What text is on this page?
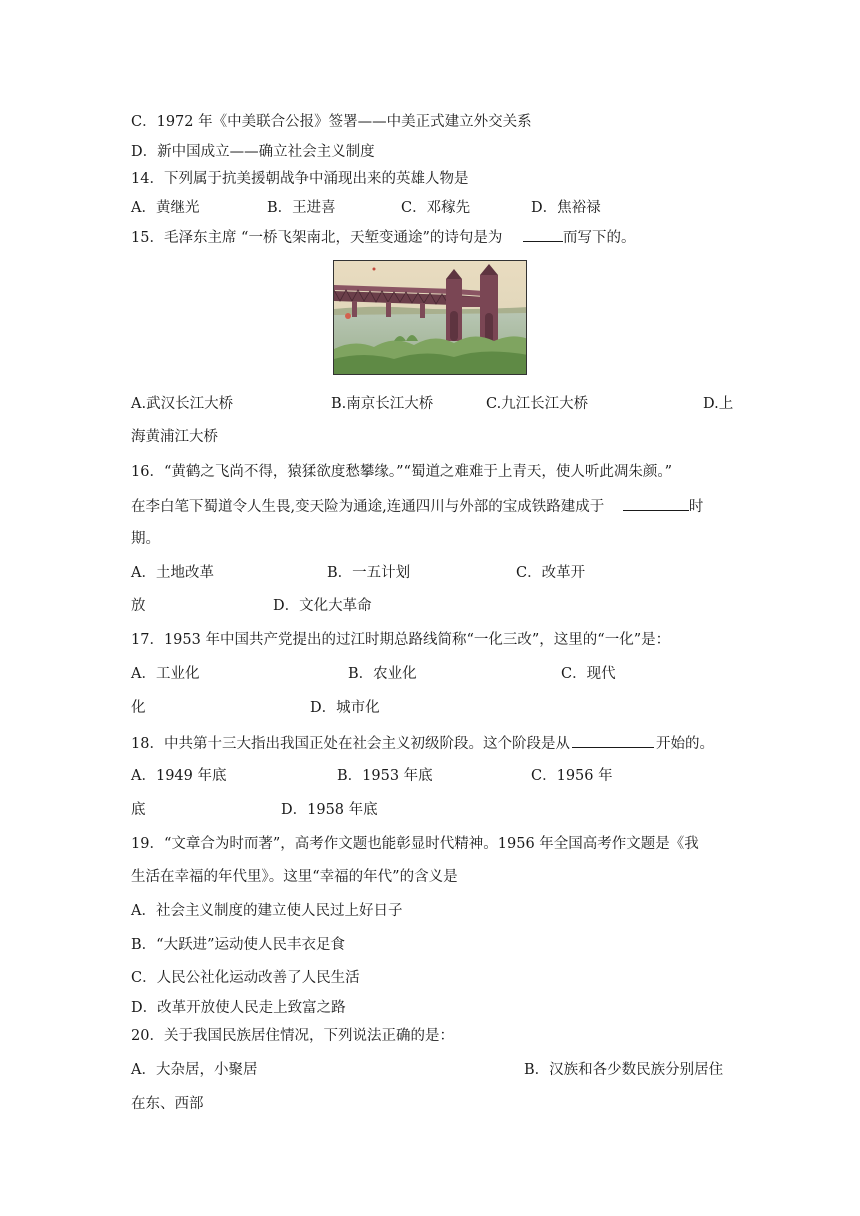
C．1972 年《中美联合公报》签署——中美正式建立外交关系
D．新中国成立——确立社会主义制度
14．下列属于抗美援朝战争中涌现出来的英雄人物是
A．黄继光	B．王进喜	C．邓稼先	D．焦裕禄
15．毛泽东主席 “一桥飞架南北，天堑变通途”的诗句是为	而写下的。
A.武汉长江大桥	B.南京长江大桥	C.九江长江大桥	D.上
海黄浦江大桥
16．“黄鹤之飞尚不得，猿猱欲度愁攀缘。”“蜀道之难难于上青天，使人听此凋朱颜。”
在李白笔下蜀道令人生畏,变天险为通途,连通四川与外部的宝成铁路建成于	时
期。
A．土地改革	B．一五计划	C．改革开
放	D．文化大革命
17．1953 年中国共产党提出的过江时期总路线简称“一化三改”，这里的“一化”是：
A．工业化	B．农业化	C．现代
化	D．城市化
18．中共第十三大指出我国正处在社会主义初级阶段。这个阶段是从	开始的。
A．1949 年底	B．1953 年底	C．1956 年
底	D．1958 年底
19．“文章合为时而著”，高考作文题也能彰显时代精神。1956 年全国高考作文题是《我
生活在幸福的年代里》。这里“幸福的年代”的含义是
A．社会主义制度的建立使人民过上好日子
B．“大跃进”运动使人民丰衣足食
C．人民公社化运动改善了人民生活
D．改革开放使人民走上致富之路
20．关于我国民族居住情况，下列说法正确的是：
A．大杂居，小聚居	B．汉族和各少数民族分别居住
在东、西部
